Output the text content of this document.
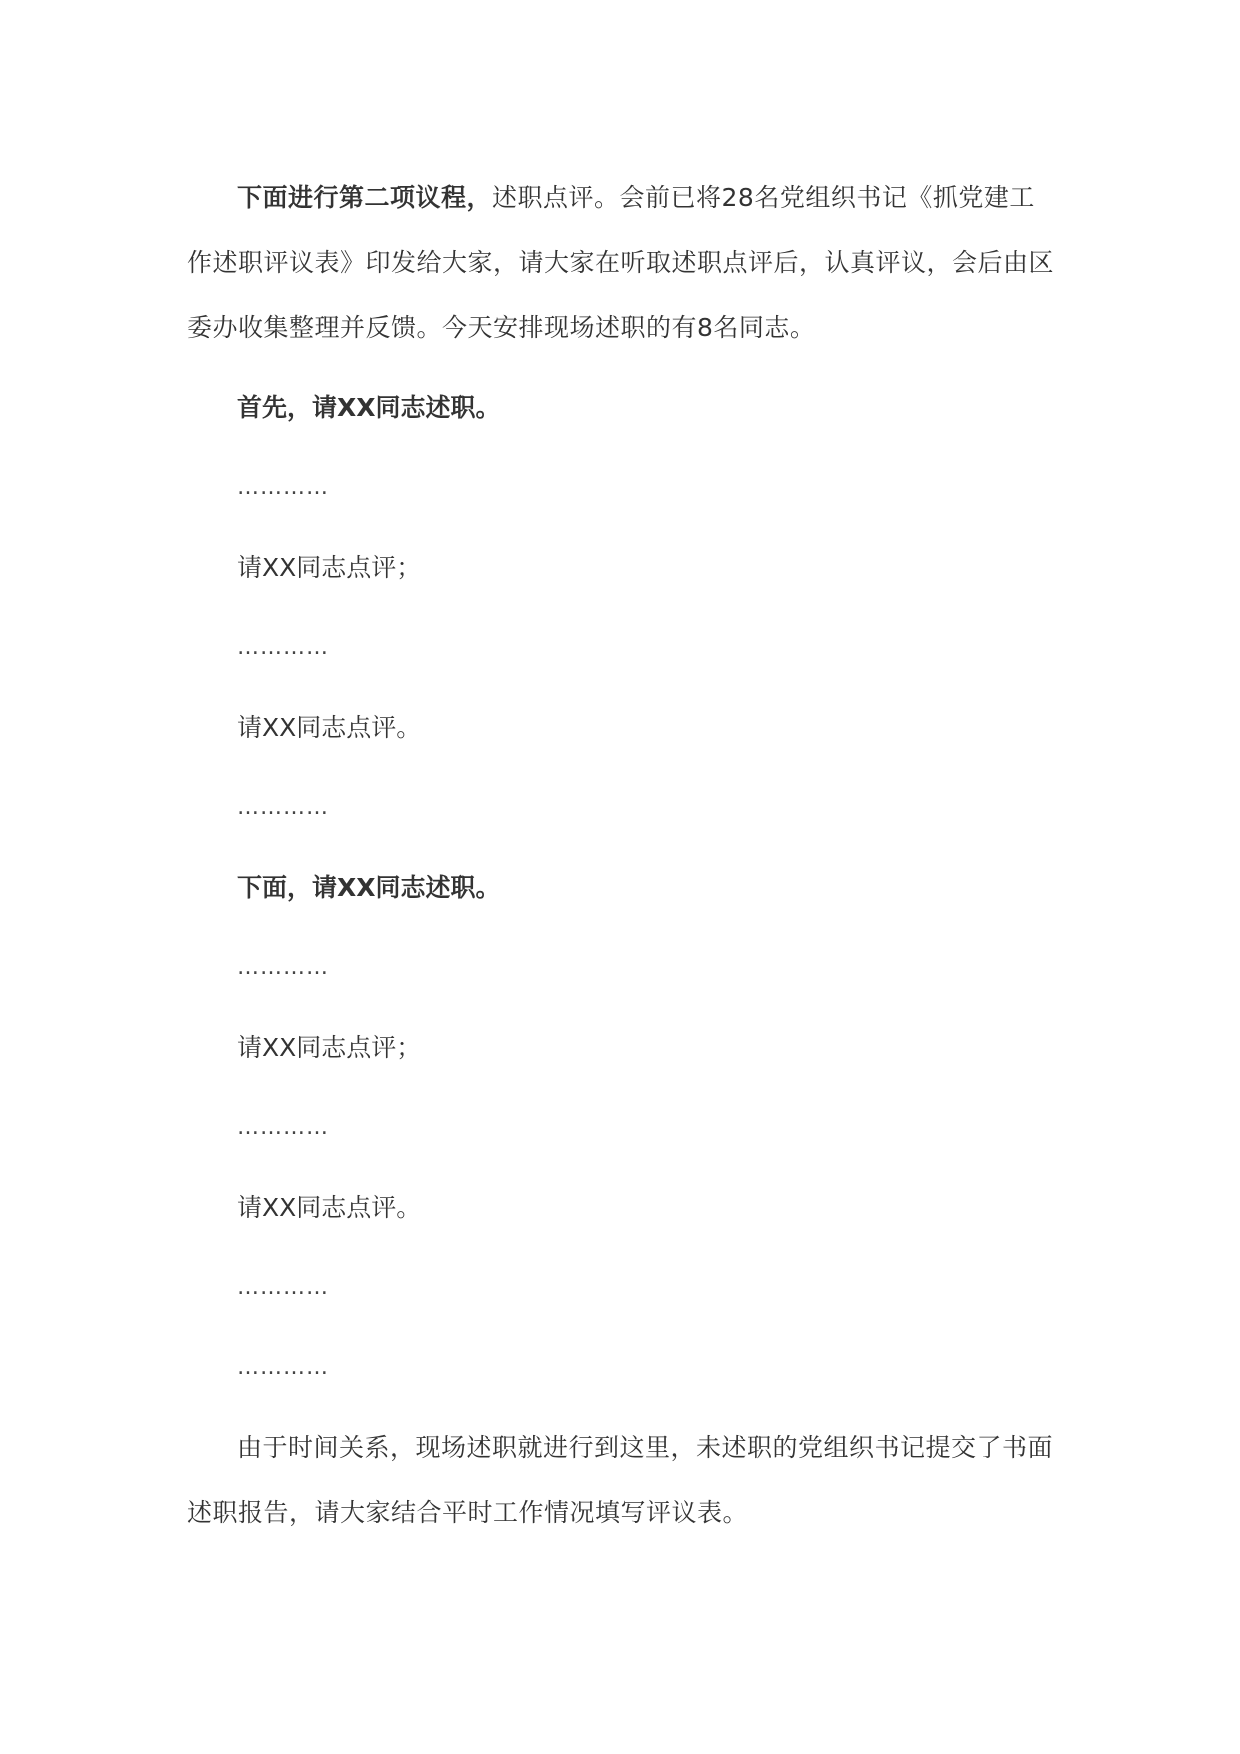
下面进行第二项议程，述职点评。会前已将28名党组织书记《抓党建工作述职评议表》印发给大家，请大家在听取述职点评后，认真评议，会后由区委办收集整理并反馈。今天安排现场述职的有8名同志。

首先，请XX同志述职。
…………
请XX同志点评；
…………
请XX同志点评。
…………
下面，请XX同志述职。
…………
请XX同志点评；
…………
请XX同志点评。
…………
…………

由于时间关系，现场述职就进行到这里，未述职的党组织书记提交了书面述职报告，请大家结合平时工作情况填写评议表。
